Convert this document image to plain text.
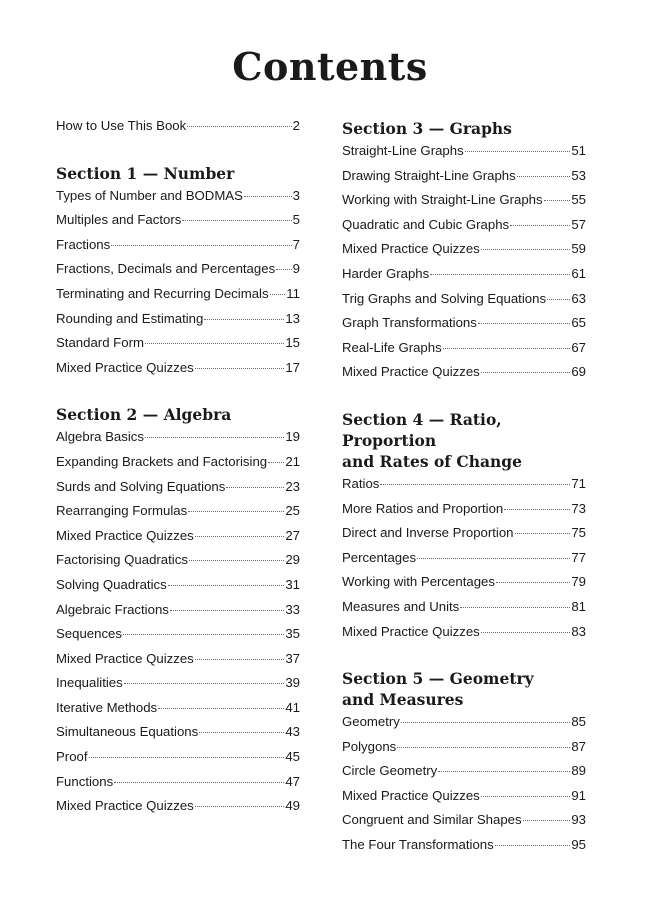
Contents
How to Use This Book	2
Section 1 — Number
Types of Number and BODMAS	3
Multiples and Factors	5
Fractions	7
Fractions, Decimals and Percentages 9
Terminating and Recurring Decimals 11
Rounding and Estimating	13
Standard Form	15
Mixed Practice Quizzes	17
Section 2 — Algebra
Algebra Basics	19
Expanding Brackets and Factorising 21
Surds and Solving Equations	23
Rearranging Formulas	25
Mixed Practice Quizzes	27
Factorising Quadratics	29
Solving Quadratics	31
Algebraic Fractions	33
Sequences	35
Mixed Practice Quizzes	37
Inequalities	39
Iterative Methods	41
Simultaneous Equations	43
Proof	45
Functions	47
Mixed Practice Quizzes	49
Section 3 — Graphs
Straight-Line Graphs	51
Drawing Straight-Line Graphs	53
Working with Straight-Line Graphs 55
Quadratic and Cubic Graphs	57
Mixed Practice Quizzes	59
Harder Graphs	61
Trig Graphs and Solving Equations 63
Graph Transformations	65
Real-Life Graphs	67
Mixed Practice Quizzes	69
Section 4 — Ratio, Proportion
and Rates of Change
Ratios	71
More Ratios and Proportion	73
Direct and Inverse Proportion	75
Percentages	77
Working with Percentages	79
Measures and Units	81
Mixed Practice Quizzes	83
Section 5 — Geometry
and Measures
Geometry	85
Polygons	87
Circle Geometry	89
Mixed Practice Quizzes	91
Congruent and Similar Shapes	93
The Four Transformations	95
